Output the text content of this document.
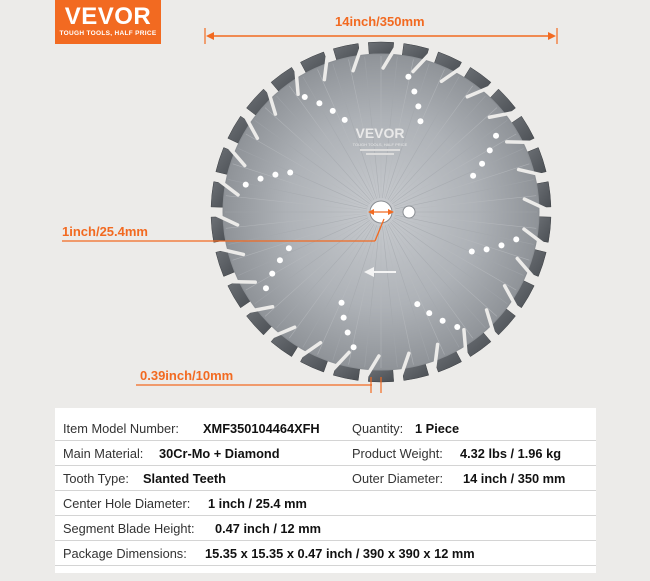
VEVOR
TOUGH TOOLS, HALF PRICE
VEVOR
TOUGH TOOLS, HALF PRICE
14inch/350mm
1inch/25.4mm
0.39inch/10mm
Item Model Number: XMF350104464XFH	Quantity: 1 Piece
Main Material: 30Cr-Mo + Diamond	Product Weight: 4.32 lbs / 1.96 kg
Tooth Type: Slanted Teeth	Outer Diameter: 14 inch / 350 mm
Center Hole Diameter: 1 inch / 25.4 mm
Segment Blade Height: 0.47 inch / 12 mm
Package Dimensions: 15.35 x 15.35 x 0.47 inch / 390 x 390 x 12 mm
